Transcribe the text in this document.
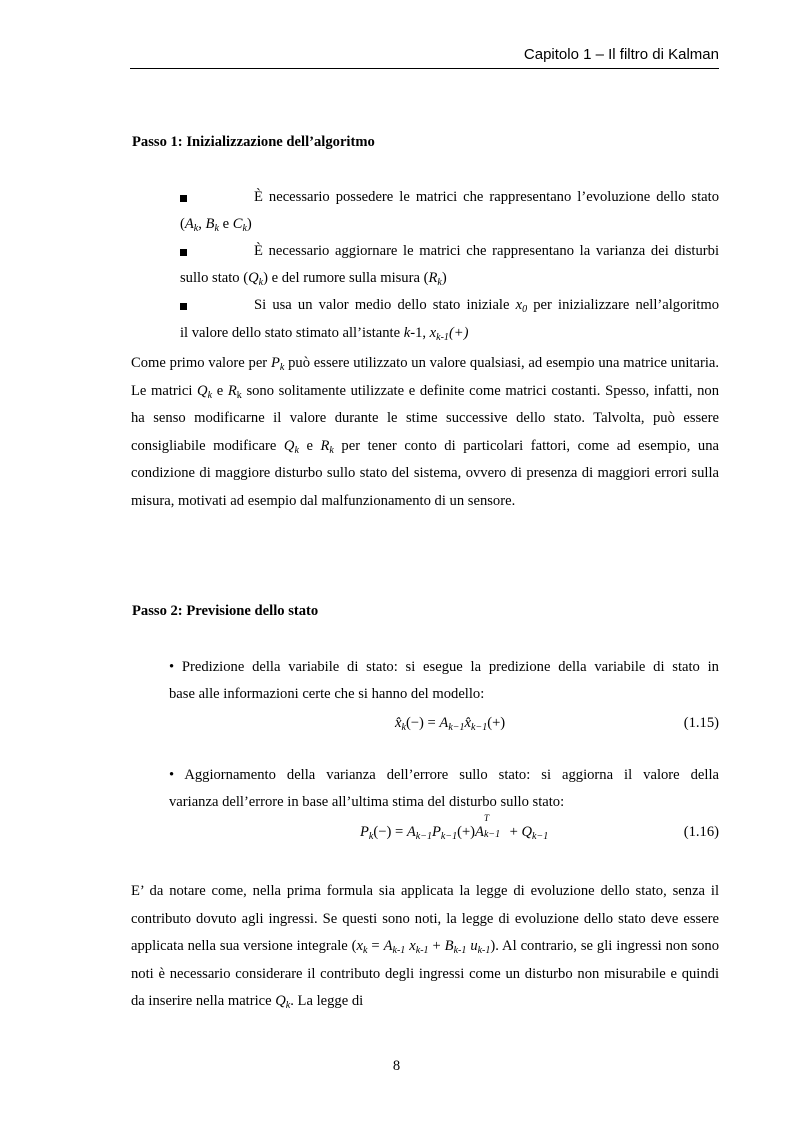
Capitolo 1 – Il filtro di Kalman
Passo 1: Inizializzazione dell’algoritmo
È necessario possedere le matrici che rappresentano l’evoluzione dello stato
($A_k$, $B_k$ e $C_k$)
È necessario aggiornare le matrici che rappresentano la varianza dei disturbi
sullo stato $(Q_k)$ e del rumore sulla misura $(R_k)$
Si usa un valor medio dello stato iniziale $x_0$ per inizializzare nell’algoritmo
il valore dello stato stimato all’istante k-1, $x_{k-1}(+)$
Come primo valore per $P_k$ può essere utilizzato un valore qualsiasi, ad esempio una matrice unitaria. Le matrici $Q_k$ e $R_k$ sono solitamente utilizzate e definite come matrici costanti. Spesso, infatti, non ha senso modificarne il valore durante le stime successive dello stato. Talvolta, può essere consigliabile modificare $Q_k$ e $R_k$ per tener conto di particolari fattori, come ad esempio, una condizione di maggiore disturbo sullo stato del sistema, ovvero di presenza di maggiori errori sulla misura, motivati ad esempio dal malfunzionamento di un sensore.
Passo 2: Previsione dello stato
• Predizione della variabile di stato: si esegue la predizione della variabile di stato in
base alle informazioni certe che si hanno del modello:
$x̂_k(-)$ = $A_{k-1}x̂_{k-1}(+)$	(1.15)
• Aggiornamento della varianza dell’errore sullo stato: si aggiorna il valore della
varianza dell’errore in base all’ultima stima del disturbo sullo stato:
$P_k(-) = A_{k-1}P_{k-1}(+)A$
T
$k-1 + Q_{k-1}$	(1.16)
E’ da notare come, nella prima formula sia applicata la legge di evoluzione dello stato, senza il contributo dovuto agli ingressi. Se questi sono noti, la legge di evoluzione dello stato deve essere applicata nella sua versione integrale ($x_k = A_{k-1}$ $x_{k-1} + B_{k-1}$ $u_{k-1}$). Al contrario, se gli ingressi non sono noti è necessario considerare il contributo degli ingressi come un disturbo non misurabile e quindi da inserire nella matrice $Q_k$. La legge di
8
